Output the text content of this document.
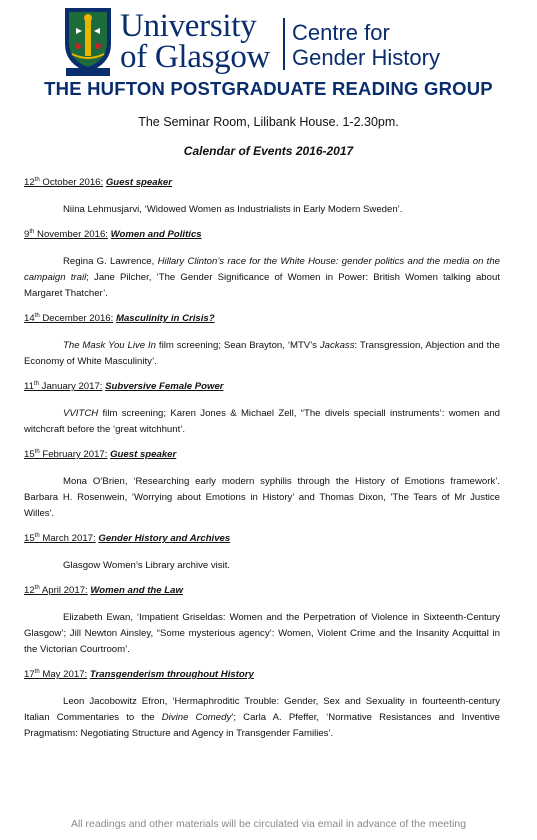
University
of Glasgow
Centre for
Gender History
THE HUFTON POSTGRADUATE READING GROUP
The Seminar Room, Lilibank House. 1-2.30pm.
Calendar of Events 2016-2017
12th October 2016: Guest speaker
Niina Lehmusjarvi, ‘Widowed Women as Industrialists in Early Modern Sweden’.
9th November 2016: Women and Politics
Regina G. Lawrence, Hillary Clinton’s race for the White House: gender politics and the media on the campaign trail; Jane Pilcher, ‘The Gender Significance of Women in Power: British Women talking about Margaret Thatcher’.
14th December 2016: Masculinity in Crisis?
The Mask You Live In film screening; Sean Brayton, ‘MTV’s Jackass: Transgression, Abjection and the Economy of White Masculinity’.
11th January 2017: Subversive Female Power
VVITCH film screening; Karen Jones & Michael Zell, “The divels speciall instruments’: women and witchcraft before the ‘great witchhunt’.
15th February 2017: Guest speaker
Mona O’Brien, ‘Researching early modern syphilis through the History of Emotions framework’. Barbara H. Rosenwein, ‘Worrying about Emotions in History’ and Thomas Dixon, 'The Tears of Mr Justice Willes'.
15th March 2017: Gender History and Archives
Glasgow Women’s Library archive visit.
12th April 2017: Women and the Law
Elizabeth Ewan, ‘Impatient Griseldas: Women and the Perpetration of Violence in Sixteenth-Century Glasgow’; Jill Newton Ainsley, “Some mysterious agency’: Women, Violent Crime and the Insanity Acquittal in the Victorian Courtroom’.
17th May 2017: Transgenderism throughout History
Leon Jacobowitz Efron, ‘Hermaphroditic Trouble: Gender, Sex and Sexuality in fourteenth-century Italian Commentaries to the Divine Comedy’; Carla A. Pfeffer, ‘Normative Resistances and Inventive Pragmatism: Negotiating Structure and Agency in Transgender Families’.
All readings and other materials will be circulated via email in advance of the meeting
